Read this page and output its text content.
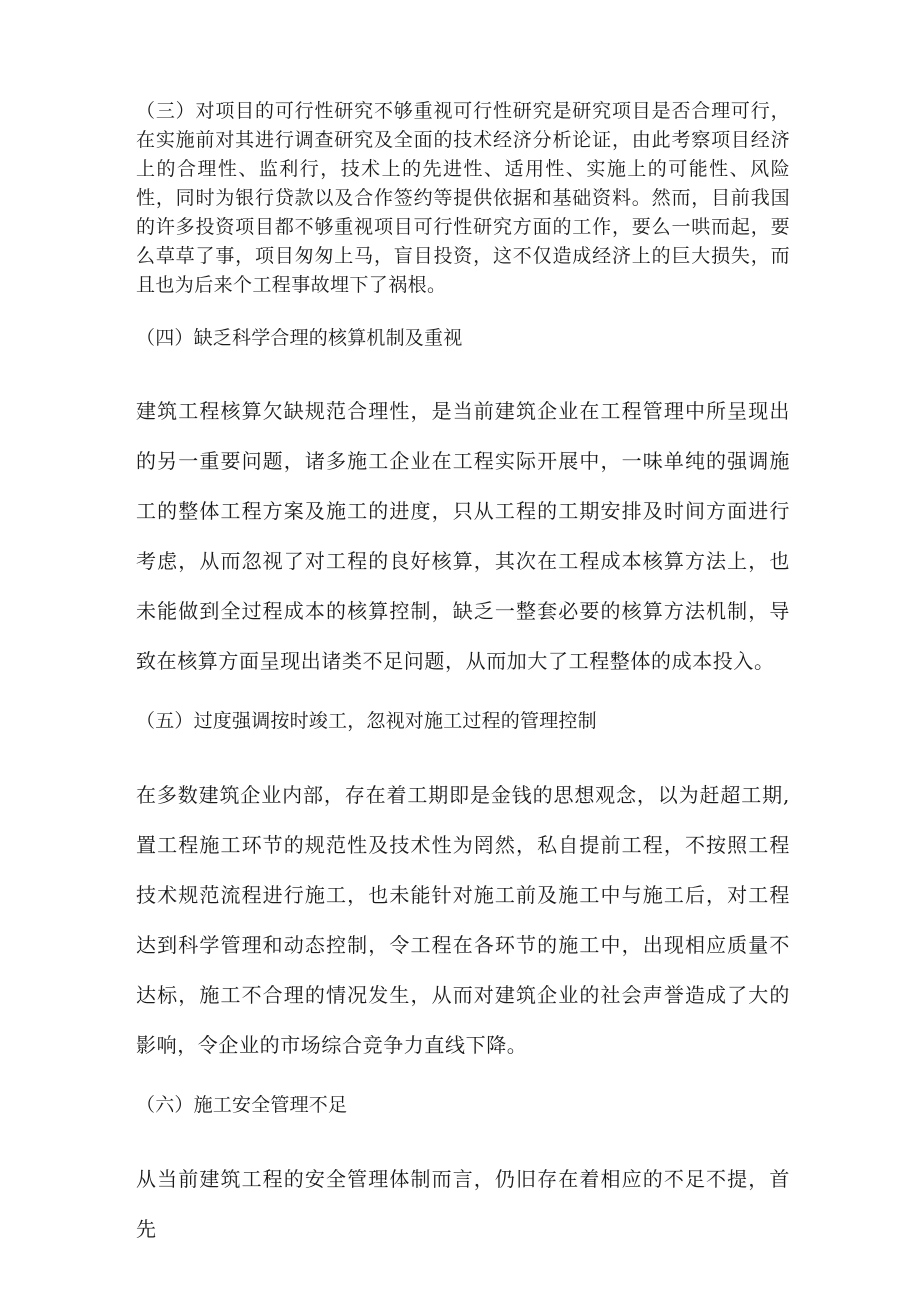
（三）对项目的可行性研究不够重视可行性研究是研究项目是否合理可行，在实施前对其进行调查研究及全面的技术经济分析论证，由此考察项目经济上的合理性、监利行，技术上的先进性、适用性、实施上的可能性、风险性，同时为银行贷款以及合作签约等提供依据和基础资料。然而，目前我国的许多投资项目都不够重视项目可行性研究方面的工作，要么一哄而起，要么草草了事，项目匆匆上马，盲目投资，这不仅造成经济上的巨大损失，而且也为后来个工程事故埋下了祸根。

（四）缺乏科学合理的核算机制及重视

建筑工程核算欠缺规范合理性，是当前建筑企业在工程管理中所呈现出的另一重要问题，诸多施工企业在工程实际开展中，一味单纯的强调施工的整体工程方案及施工的进度，只从工程的工期安排及时间方面进行考虑，从而忽视了对工程的良好核算，其次在工程成本核算方法上，也未能做到全过程成本的核算控制，缺乏一整套必要的核算方法机制，导致在核算方面呈现出诸类不足问题，从而加大了工程整体的成本投入。

（五）过度强调按时竣工，忽视对施工过程的管理控制

在多数建筑企业内部，存在着工期即是金钱的思想观念，以为赶超工期,置工程施工环节的规范性及技术性为罔然，私自提前工程，不按照工程技术规范流程进行施工，也未能针对施工前及施工中与施工后，对工程达到科学管理和动态控制，令工程在各环节的施工中，出现相应质量不达标，施工不合理的情况发生，从而对建筑企业的社会声誉造成了大的影响，令企业的市场综合竞争力直线下降。

（六）施工安全管理不足

从当前建筑工程的安全管理体制而言，仍旧存在着相应的不足不提，首先
